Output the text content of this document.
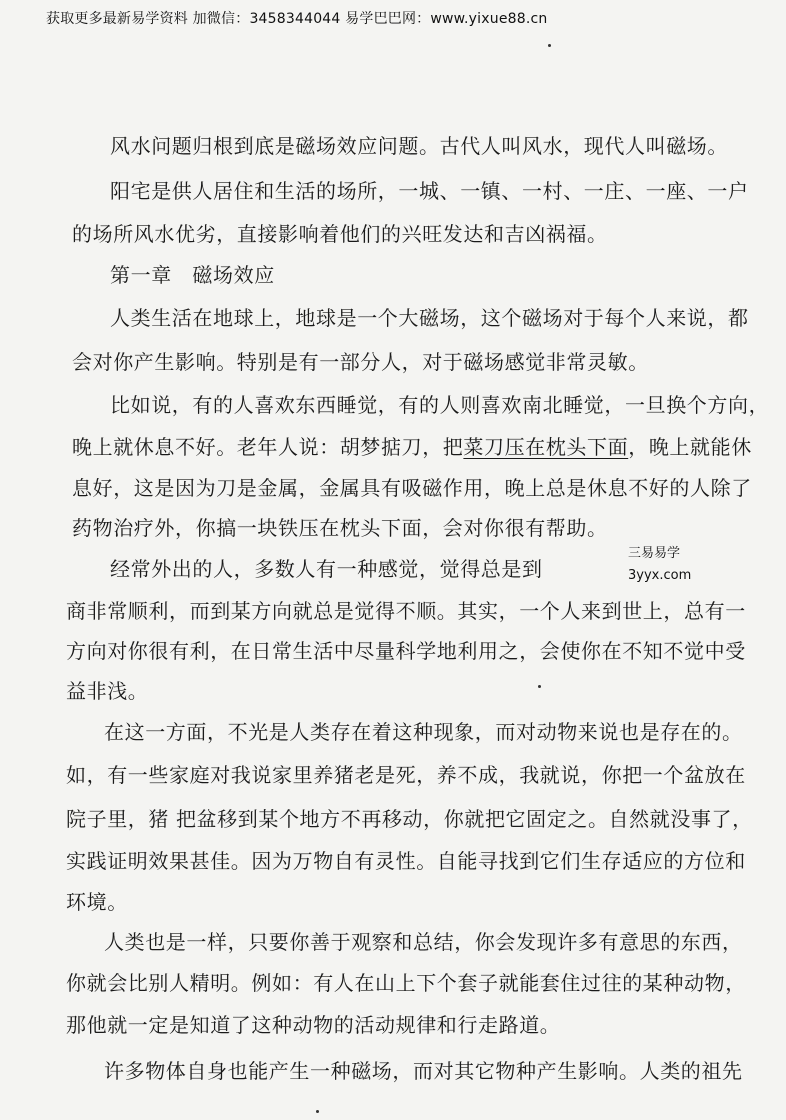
获取更多最新易学资料 加微信：3458344044 易学巴巴网：www.yixue88.cn
风水问题归根到底是磁场效应问题。古代人叫风水，现代人叫磁场。
阳宅是供人居住和生活的场所，一城、一镇、一村、一庄、一座、一户
的场所风水优劣，直接影响着他们的兴旺发达和吉凶祸福。
第一章　磁场效应
人类生活在地球上，地球是一个大磁场，这个磁场对于每个人来说，都
会对你产生影响。特别是有一部分人，对于磁场感觉非常灵敏。
比如说，有的人喜欢东西睡觉，有的人则喜欢南北睡觉，一旦换个方向，
晚上就休息不好。老年人说：胡梦掂刀，把菜刀压在枕头下面，晚上就能休
息好，这是因为刀是金属，金属具有吸磁作用，晚上总是休息不好的人除了
药物治疗外，你搞一块铁压在枕头下面，会对你很有帮助。
经常外出的人，多数人有一种感觉，觉得总是到
三易易学
3yyx.com
商非常顺利，而到某方向就总是觉得不顺。其实，一个人来到世上，总有一
方向对你很有利，在日常生活中尽量科学地利用之，会使你在不知不觉中受
益非浅。
在这一方面，不光是人类存在着这种现象，而对动物来说也是存在的。
如，有一些家庭对我说家里养猪老是死，养不成，我就说，你把一个盆放在
院子里，猪 把盆移到某个地方不再移动，你就把它固定之。自然就没事了，
实践证明效果甚佳。因为万物自有灵性。自能寻找到它们生存适应的方位和
环境。
人类也是一样，只要你善于观察和总结，你会发现许多有意思的东西，
你就会比别人精明。例如：有人在山上下个套子就能套住过往的某种动物，
那他就一定是知道了这种动物的活动规律和行走路道。
许多物体自身也能产生一种磁场，而对其它物种产生影响。人类的祖先
